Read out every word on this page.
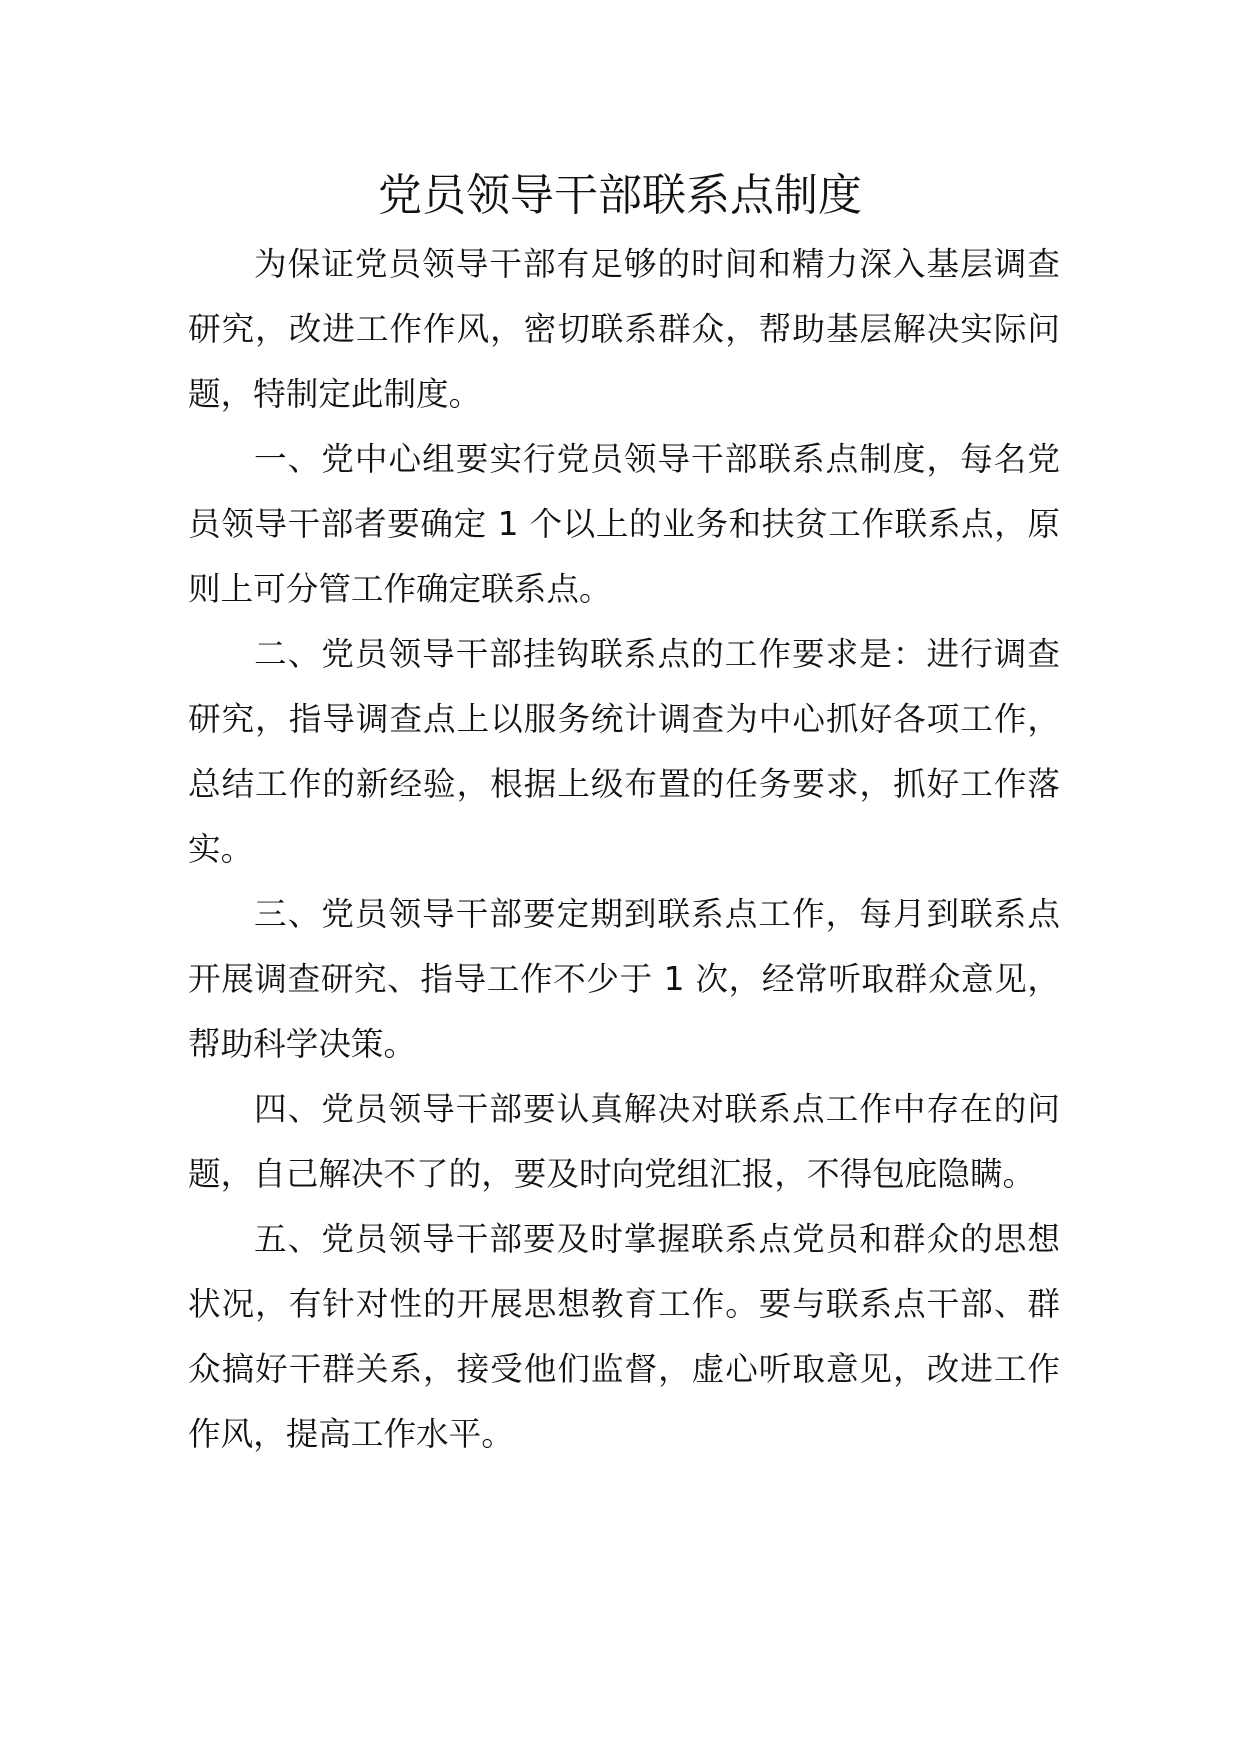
党员领导干部联系点制度

为保证党员领导干部有足够的时间和精力深入基层调查研究，改进工作作风，密切联系群众，帮助基层解决实际问题，特制定此制度。

一、党中心组要实行党员领导干部联系点制度，每名党员领导干部者要确定 1 个以上的业务和扶贫工作联系点，原则上可分管工作确定联系点。

二、党员领导干部挂钩联系点的工作要求是：进行调查研究，指导调查点上以服务统计调查为中心抓好各项工作，总结工作的新经验，根据上级布置的任务要求，抓好工作落实。

三、党员领导干部要定期到联系点工作，每月到联系点开展调查研究、指导工作不少于 1 次，经常听取群众意见，帮助科学决策。

四、党员领导干部要认真解决对联系点工作中存在的问题，自己解决不了的，要及时向党组汇报，不得包庇隐瞒。

五、党员领导干部要及时掌握联系点党员和群众的思想状况，有针对性的开展思想教育工作。要与联系点干部、群众搞好干群关系，接受他们监督，虚心听取意见，改进工作作风，提高工作水平。
